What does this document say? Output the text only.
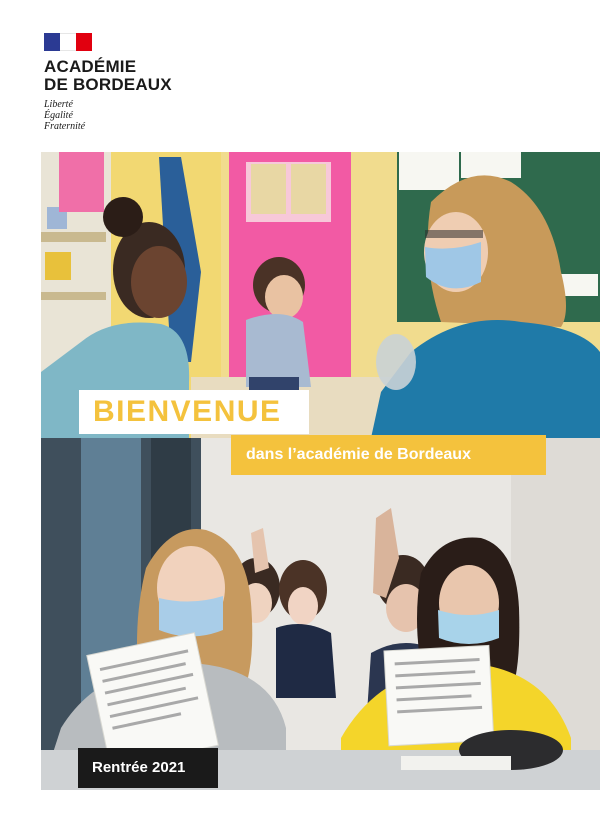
ACADÉMIE
DE BORDEAUX
Liberté
Égalité
Fraternité
BIENVENUE
dans l’académie de Bordeaux
Rentrée 2021
